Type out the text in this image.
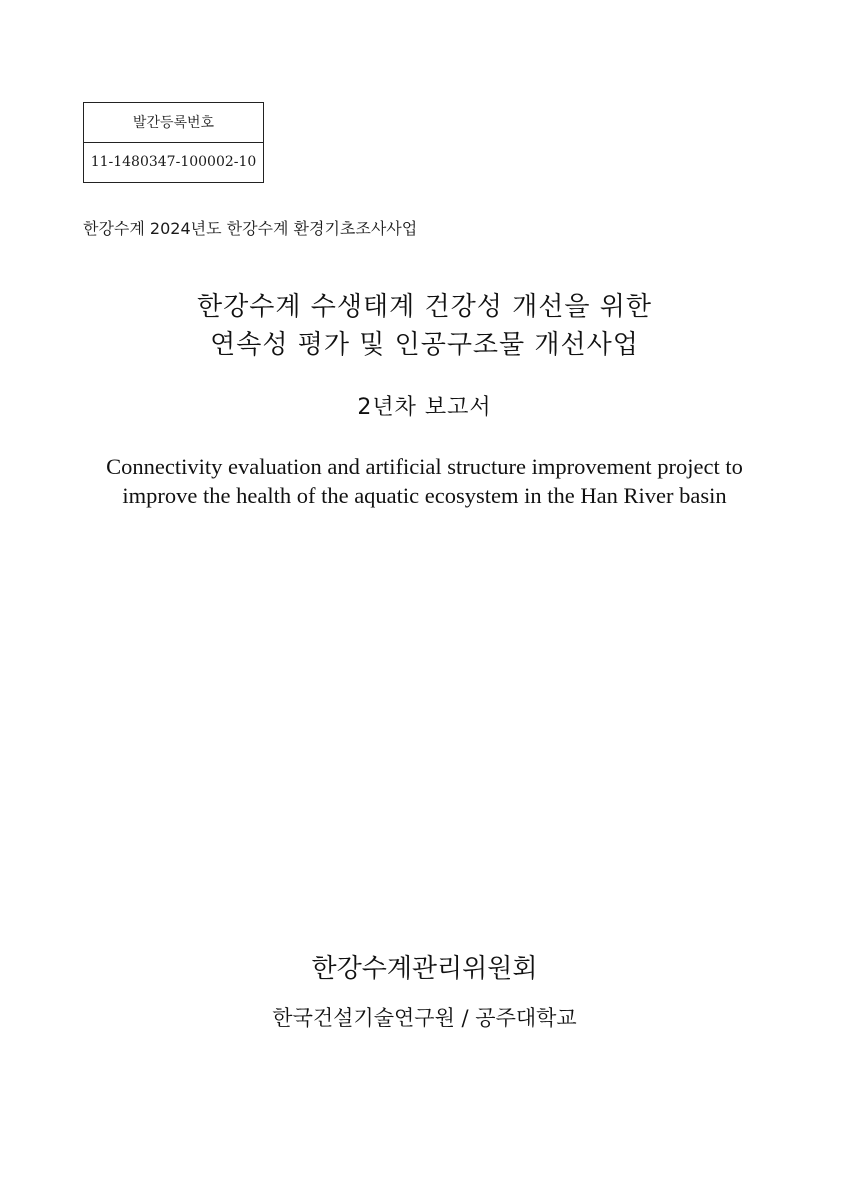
발간등록번호
11-1480347-100002-10
한강수계 2024년도 한강수계 환경기초조사사업
한강수계 수생태계 건강성 개선을 위한
연속성 평가 및 인공구조물 개선사업
2년차 보고서
Connectivity evaluation and artificial structure improvement project to
improve the health of the aquatic ecosystem in the Han River basin
한강수계관리위원회
한국건설기술연구원 / 공주대학교
